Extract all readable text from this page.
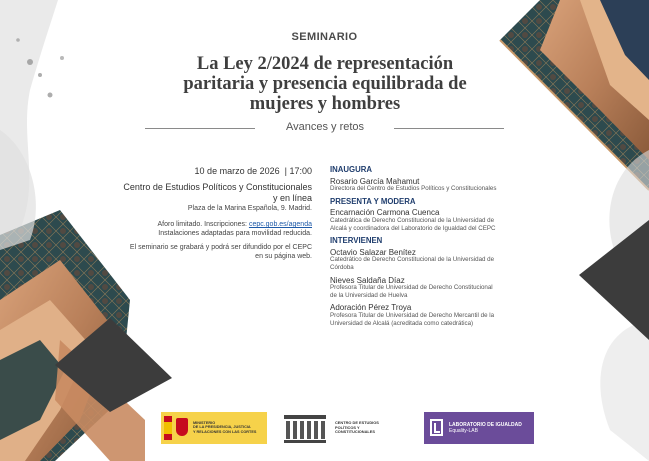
SEMINARIO
La Ley 2/2024 de representación
paritaria y presencia equilibrada de
mujeres y hombres
Avances y retos
10 de marzo de 2026 | 17:00
Centro de Estudios Políticos y Constitucionales
y en línea
Plaza de la Marina Española, 9. Madrid.
Aforo limitado. Inscripciones: cepc.gob.es/agenda
Instalaciones adaptadas para movilidad reducida.
El seminario se grabará y podrá ser difundido por el CEPC
en su página web.
INAUGURA
Rosario García Mahamut
Directora del Centro de Estudios Políticos y Constitucionales
PRESENTA Y MODERA
Encarnación Carmona Cuenca
Catedrática de Derecho Constitucional de la Universidad de
Alcalá y coordinadora del Laboratorio de Igualdad del CEPC
INTERVIENEN
Octavio Salazar Benítez
Catedrático de Derecho Constitucional de la Universidad de
Córdoba
Nieves Saldaña Díaz
Profesora Titular de Universidad de Derecho Constitucional
de la Universidad de Huelva
Adoración Pérez Troya
Profesora Titular de Universidad de Derecho Mercantil de la
Universidad de Alcalá (acreditada como catedrática)
MINISTERIO
DE LA PRESIDENCIA, JUSTICIA
Y RELACIONES CON LAS CORTES
CENTRO DE ESTUDIOS
POLÍTICOS Y
CONSTITUCIONALES
LABORATORIO DE IGUALDAD
Equality-LAB
